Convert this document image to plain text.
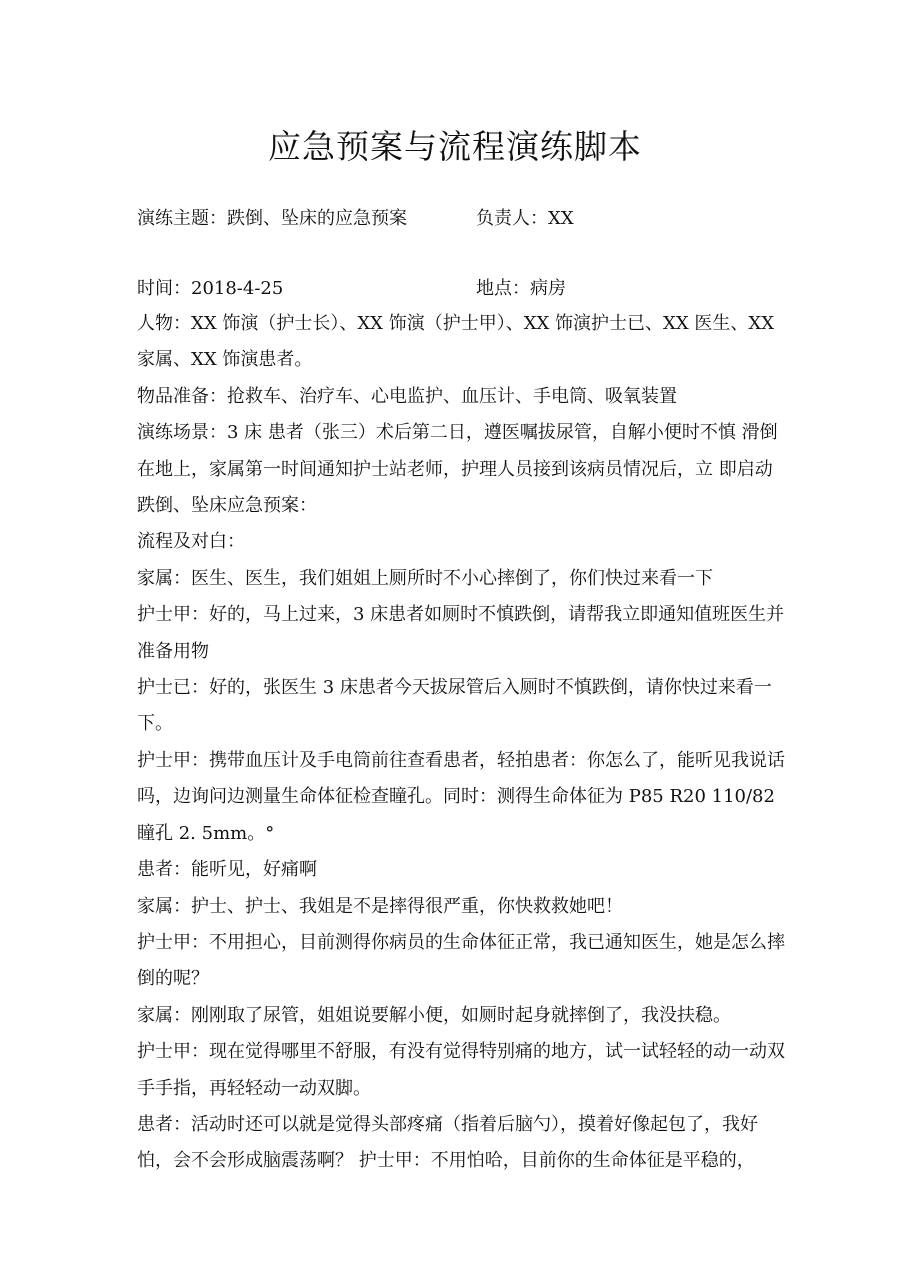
应急预案与流程演练脚本
演练主题：跌倒、坠床的应急预案	负责人：XX
时间：2018-4-25	地点：病房

人物：XX 饰演（护士长）、XX 饰演（护士甲）、XX 饰演护士已、XX 医生、XX 家属、XX 饰演患者。

物品准备：抢救车、治疗车、心电监护、血压计、手电筒、吸氧装置

演练场景：3 床 患者（张三）术后第二日，遵医嘱拔尿管，自解小便时不慎 滑倒在地上，家属第一时间通知护士站老师，护理人员接到该病员情况后，立 即启动跌倒、坠床应急预案：

流程及对白：

家属：医生、医生，我们姐姐上厕所时不小心摔倒了，你们快过来看一下

护士甲：好的，马上过来，3 床患者如厕时不慎跌倒，请帮我立即通知值班医生并准备用物

护士已：好的，张医生 3 床患者今天拔尿管后入厕时不慎跌倒，请你快过来看一下。

护士甲：携带血压计及手电筒前往查看患者，轻拍患者：你怎么了，能听见我说话吗，边询问边测量生命体征检查瞳孔。同时：测得生命体征为 P85 R20 110/82 瞳孔 2. 5mm。°

患者：能听见，好痛啊

家属：护士、护士、我姐是不是摔得很严重，你快救救她吧！

护士甲：不用担心，目前测得你病员的生命体征正常，我已通知医生，她是怎么摔倒的呢？

家属：刚刚取了尿管，姐姐说要解小便，如厕时起身就摔倒了，我没扶稳。

护士甲：现在觉得哪里不舒服，有没有觉得特别痛的地方，试一试轻轻的动一动双手手指，再轻轻动一动双脚。

患者：活动时还可以就是觉得头部疼痛（指着后脑勺），摸着好像起包了，我好怕，会不会形成脑震荡啊？ 护士甲：不用怕哈，目前你的生命体征是平稳的，
